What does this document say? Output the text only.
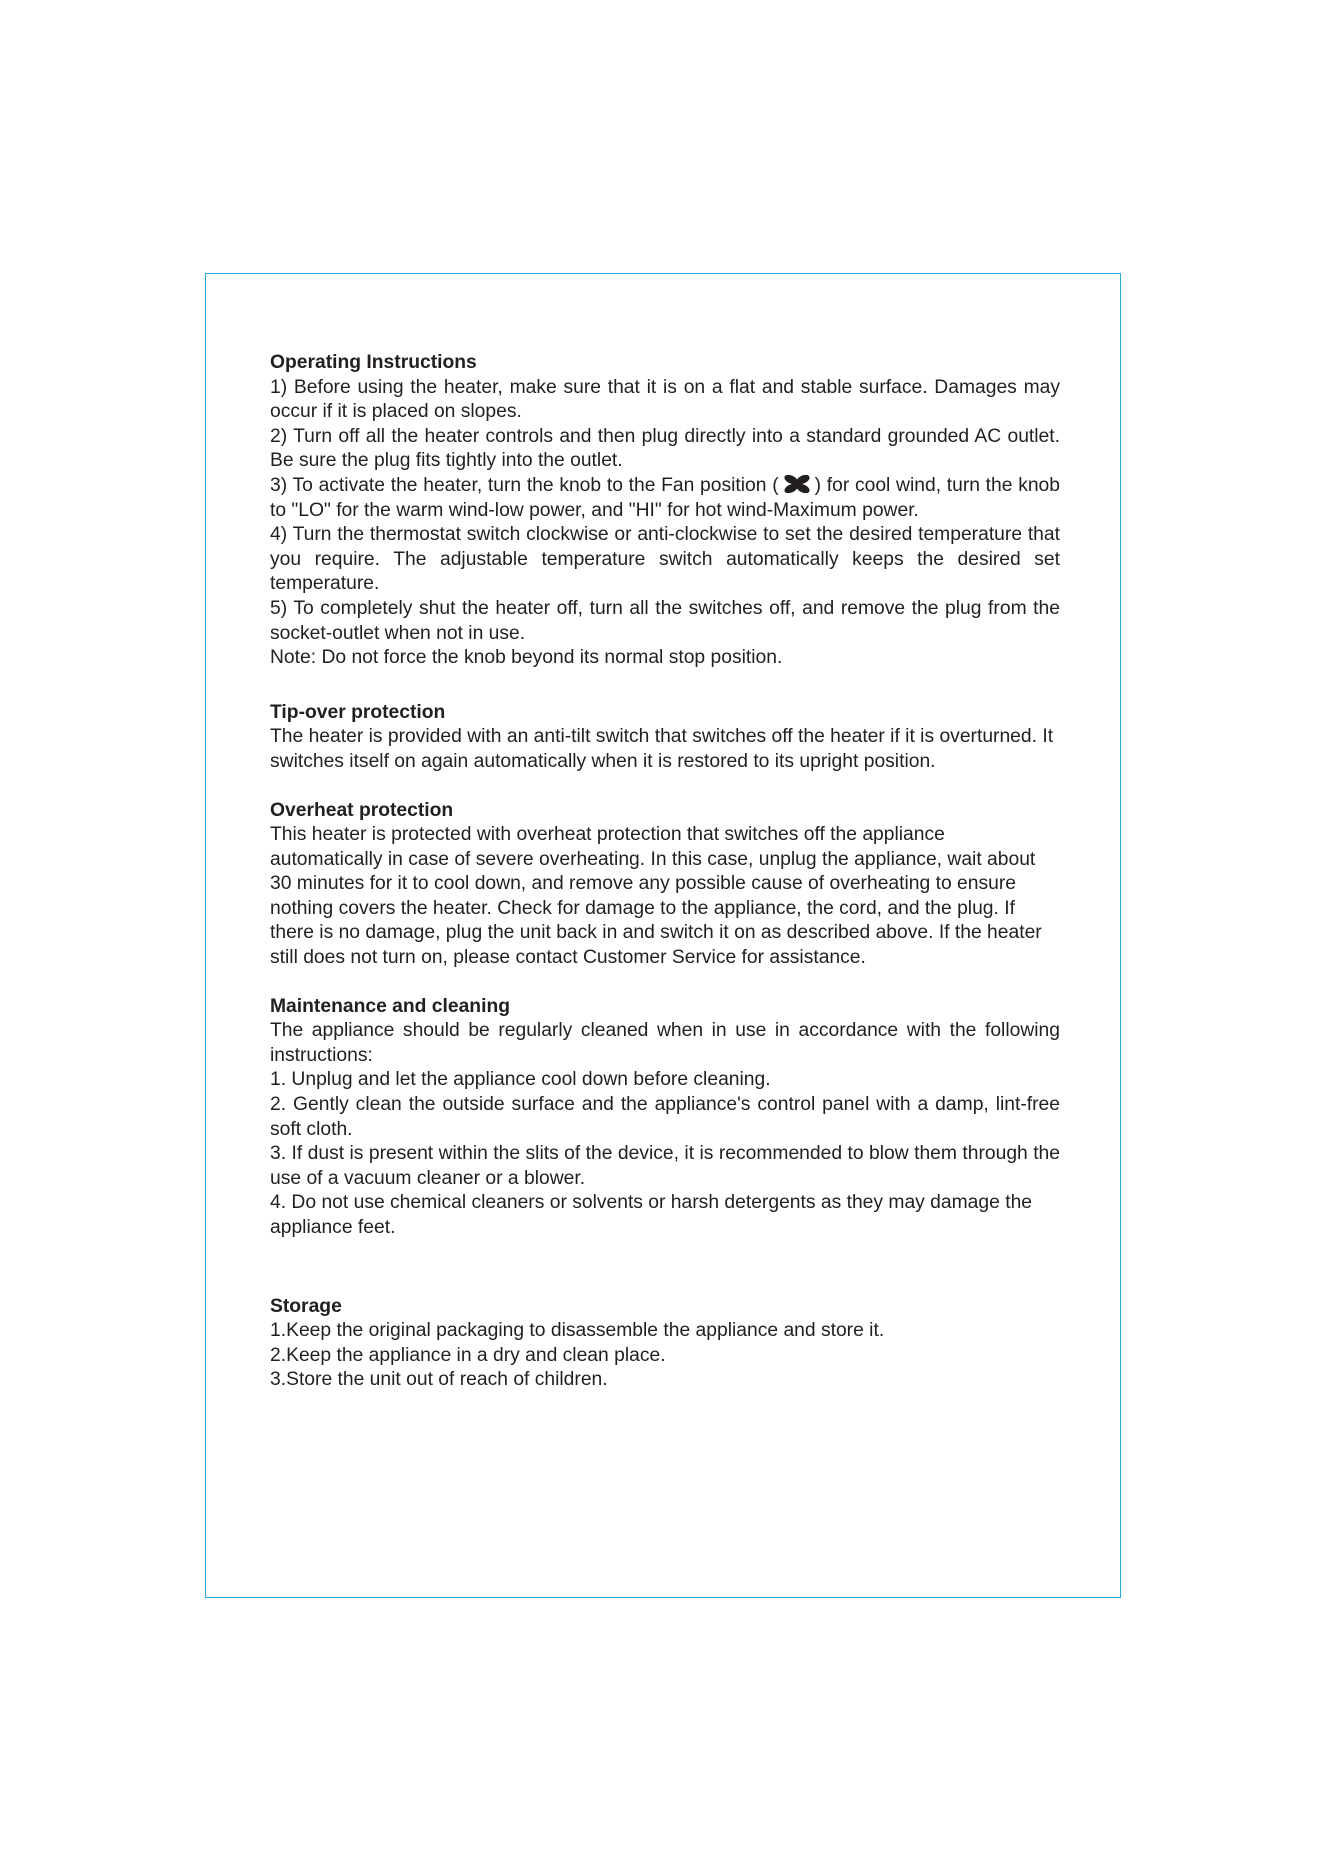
Operating Instructions

1) Before using the heater, make sure that it is on a flat and stable surface. Damages may occur if it is placed on slopes.

2) Turn off all the heater controls and then plug directly into a standard grounded AC outlet. Be sure the plug fits tightly into the outlet.

3) To activate the heater, turn the knob to the Fan position ( ) for cool wind, turn the knob to "LO" for the warm wind-low power, and "HI" for hot wind-Maximum power.

4) Turn the thermostat switch clockwise or anti-clockwise to set the desired temperature that you require. The adjustable temperature switch automatically keeps the desired set temperature.

5) To completely shut the heater off, turn all the switches off, and remove the plug from the socket-outlet when not in use.

Note: Do not force the knob beyond its normal stop position.

Tip-over protection

The heater is provided with an anti-tilt switch that switches off the heater if it is overturned. It switches itself on again automatically when it is restored to its upright position.

Overheat protection

This heater is protected with overheat protection that switches off the appliance automatically in case of severe overheating. In this case, unplug the appliance, wait about 30 minutes for it to cool down, and remove any possible cause of overheating to ensure nothing covers the heater. Check for damage to the appliance, the cord, and the plug. If there is no damage, plug the unit back in and switch it on as described above. If the heater still does not turn on, please contact Customer Service for assistance.

Maintenance and cleaning

The appliance should be regularly cleaned when in use in accordance with the following instructions:

1. Unplug and let the appliance cool down before cleaning.

2. Gently clean the outside surface and the appliance's control panel with a damp, lint-free soft cloth.

3. If dust is present within the slits of the device, it is recommended to blow them through the use of a vacuum cleaner or a blower.

4. Do not use chemical cleaners or solvents or harsh detergents as they may damage the appliance feet.

Storage

1.Keep the original packaging to disassemble the appliance and store it.

2.Keep the appliance in a dry and clean place.

3.Store the unit out of reach of children.
